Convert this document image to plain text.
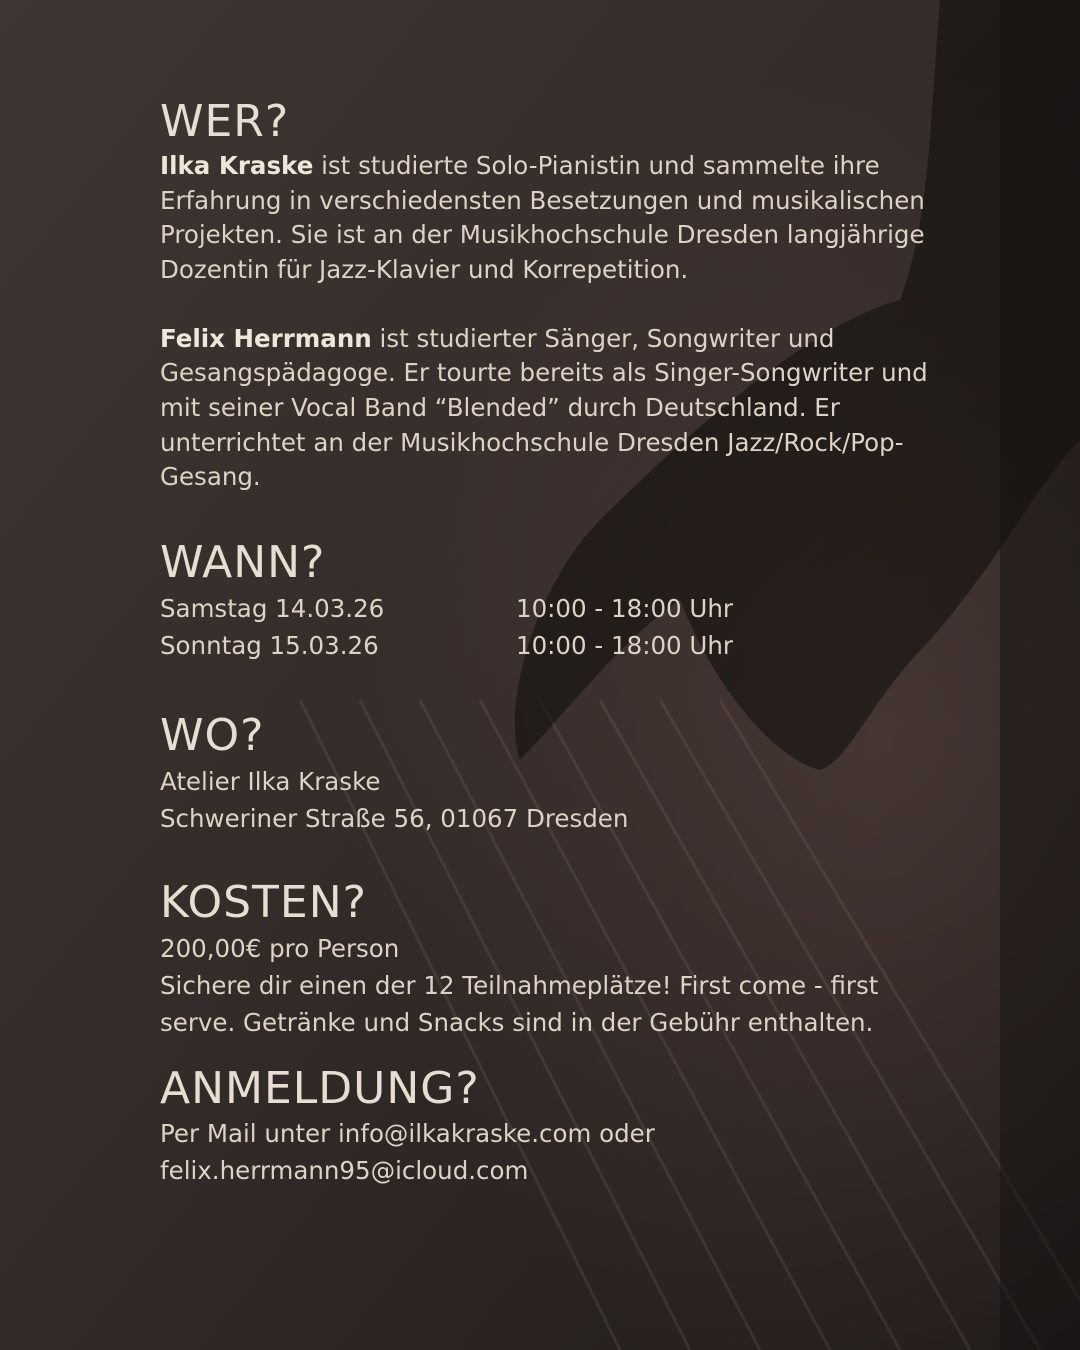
WER?

Ilka Kraske ist studierte Solo-Pianistin und sammelte ihre Erfahrung in verschiedensten Besetzungen und musikalischen Projekten. Sie ist an der Musikhochschule Dresden langjährige Dozentin für Jazz-Klavier und Korrepetition.

Felix Herrmann ist studierter Sänger, Songwriter und Gesangspädagoge. Er tourte bereits als Singer-Songwriter und mit seiner Vocal Band “Blended” durch Deutschland. Er unterrichtet an der Musikhochschule Dresden Jazz/Rock/Pop-Gesang.

WANN?
Samstag 14.03.26	10:00 - 18:00 Uhr
Sonntag 15.03.26	10:00 - 18:00 Uhr
WO?
Atelier Ilka Kraske
Schweriner Straße 56, 01067 Dresden
KOSTEN?
200,00€ pro Person

Sichere dir einen der 12 Teilnahmeplätze! First come - first serve. Getränke und Snacks sind in der Gebühr enthalten.

ANMELDUNG?
Per Mail unter info@ilkakraske.com oder
felix.herrmann95@icloud.com
